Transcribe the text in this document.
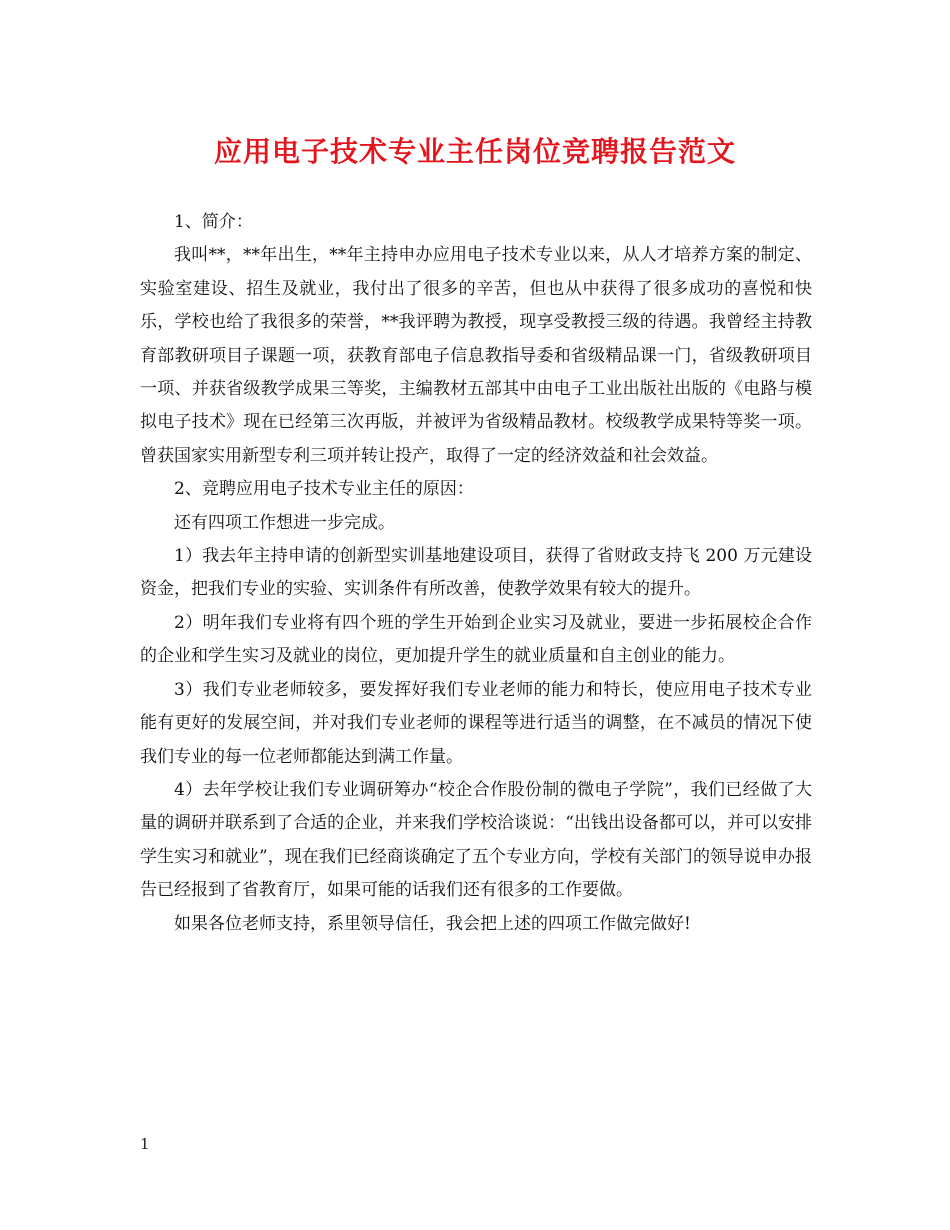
应用电子技术专业主任岗位竞聘报告范文

1、简介：

我叫**，**年出生，**年主持申办应用电子技术专业以来，从人才培养方案的制定、实验室建设、招生及就业，我付出了很多的辛苦，但也从中获得了很多成功的喜悦和快乐，学校也给了我很多的荣誉，**我评聘为教授，现享受教授三级的待遇。我曾经主持教育部教研项目子课题一项，获教育部电子信息教指导委和省级精品课一门，省级教研项目一项、并获省级教学成果三等奖，主编教材五部其中由电子工业出版社出版的《电路与模拟电子技术》现在已经第三次再版，并被评为省级精品教材。校级教学成果特等奖一项。曾获国家实用新型专利三项并转让投产，取得了一定的经济效益和社会效益。

2、竞聘应用电子技术专业主任的原因：

还有四项工作想进一步完成。

1）我去年主持申请的创新型实训基地建设项目，获得了省财政支持飞 200 万元建设资金，把我们专业的实验、实训条件有所改善，使教学效果有较大的提升。

2）明年我们专业将有四个班的学生开始到企业实习及就业，要进一步拓展校企合作的企业和学生实习及就业的岗位，更加提升学生的就业质量和自主创业的能力。

3）我们专业老师较多，要发挥好我们专业老师的能力和特长，使应用电子技术专业能有更好的发展空间，并对我们专业老师的课程等进行适当的调整，在不减员的情况下使我们专业的每一位老师都能达到满工作量。

4）去年学校让我们专业调研筹办“校企合作股份制的微电子学院”，我们已经做了大量的调研并联系到了合适的企业，并来我们学校洽谈说：“出钱出设备都可以，并可以安排学生实习和就业”，现在我们已经商谈确定了五个专业方向，学校有关部门的领导说申办报告已经报到了省教育厅，如果可能的话我们还有很多的工作要做。

如果各位老师支持，系里领导信任，我会把上述的四项工作做完做好!

1
